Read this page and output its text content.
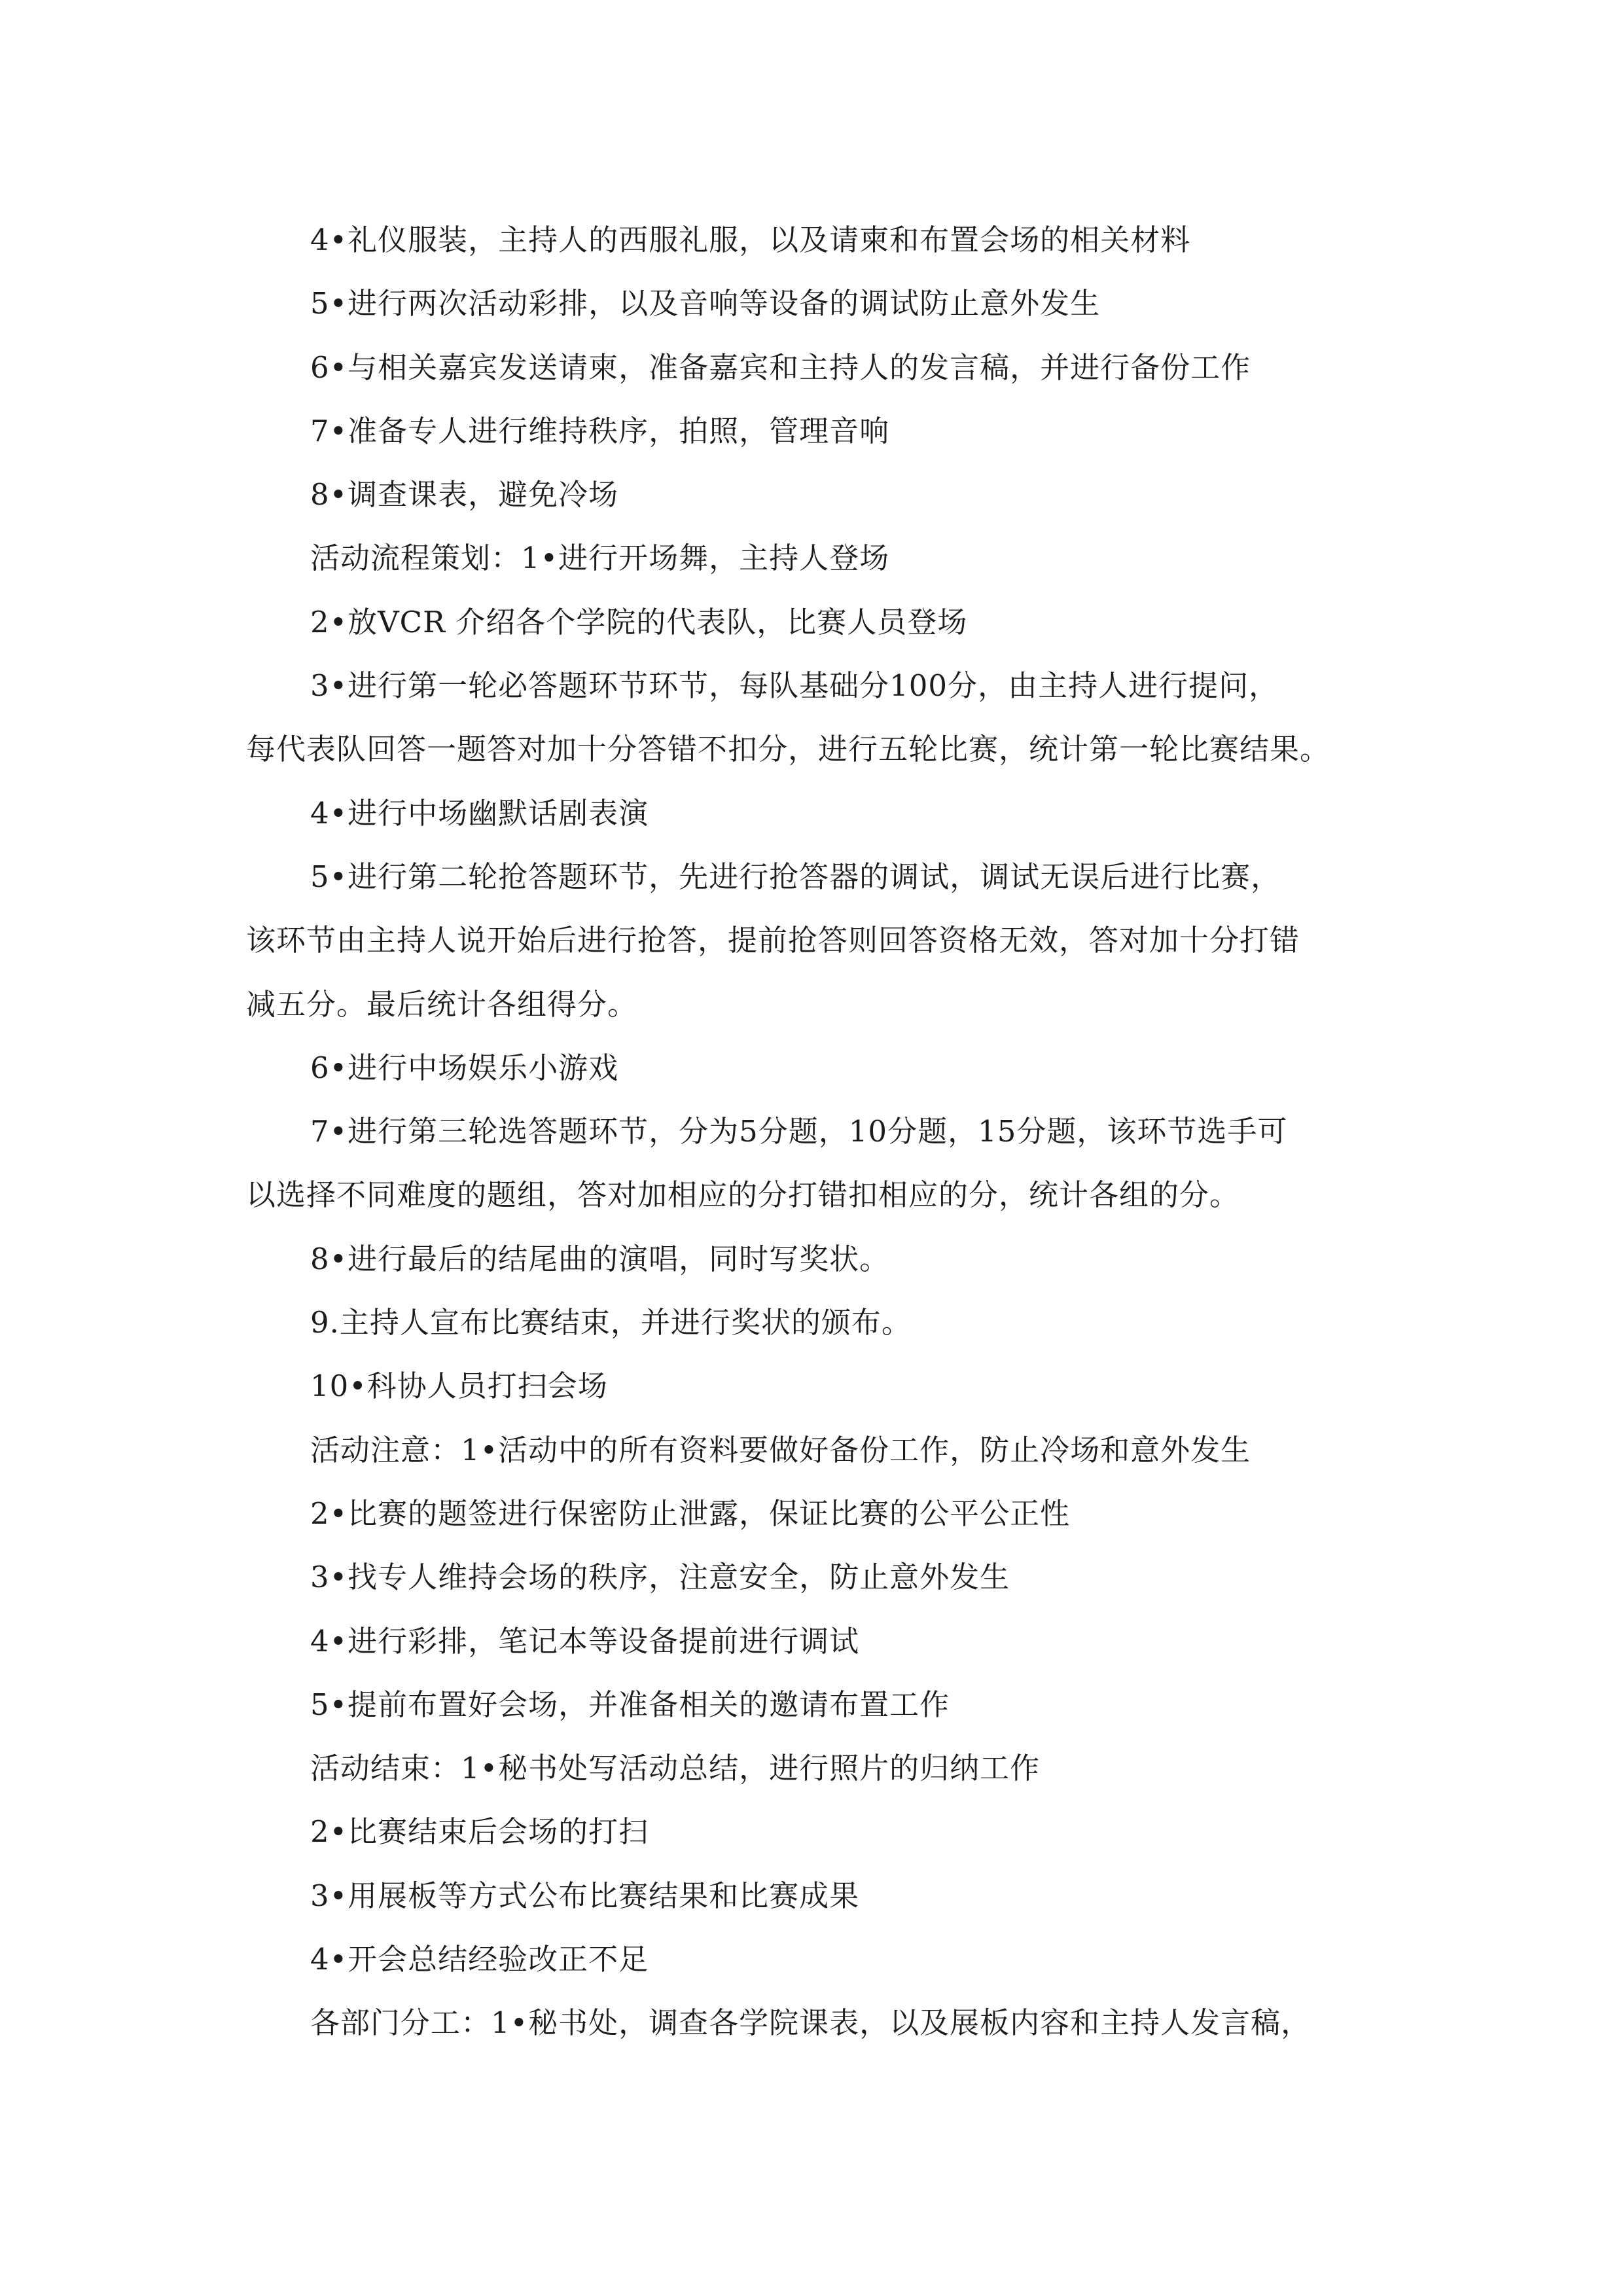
4•礼仪服装，主持人的西服礼服，以及请柬和布置会场的相关材料
5•进行两次活动彩排，以及音响等设备的调试防止意外发生
6•与相关嘉宾发送请柬，准备嘉宾和主持人的发言稿，并进行备份工作
7•准备专人进行维持秩序，拍照，管理音响
8•调查课表，避免冷场
活动流程策划：1•进行开场舞，主持人登场
2•放VCR 介绍各个学院的代表队，比赛人员登场
3•进行第一轮必答题环节环节，每队基础分100分，由主持人进行提问，
每代表队回答一题答对加十分答错不扣分，进行五轮比赛，统计第一轮比赛结果。
4•进行中场幽默话剧表演
5•进行第二轮抢答题环节，先进行抢答器的调试，调试无误后进行比赛，
该环节由主持人说开始后进行抢答，提前抢答则回答资格无效，答对加十分打错
减五分。最后统计各组得分。
6•进行中场娱乐小游戏
7•进行第三轮选答题环节，分为5分题，10分题，15分题，该环节选手可
以选择不同难度的题组，答对加相应的分打错扣相应的分，统计各组的分。
8•进行最后的结尾曲的演唱，同时写奖状。
9.主持人宣布比赛结束，并进行奖状的颁布。
10•科协人员打扫会场
活动注意：1•活动中的所有资料要做好备份工作，防止冷场和意外发生
2•比赛的题签进行保密防止泄露，保证比赛的公平公正性
3•找专人维持会场的秩序，注意安全，防止意外发生
4•进行彩排，笔记本等设备提前进行调试
5•提前布置好会场，并准备相关的邀请布置工作
活动结束：1•秘书处写活动总结，进行照片的归纳工作
2•比赛结束后会场的打扫
3•用展板等方式公布比赛结果和比赛成果
4•开会总结经验改正不足
各部门分工：1•秘书处，调查各学院课表，以及展板内容和主持人发言稿，
